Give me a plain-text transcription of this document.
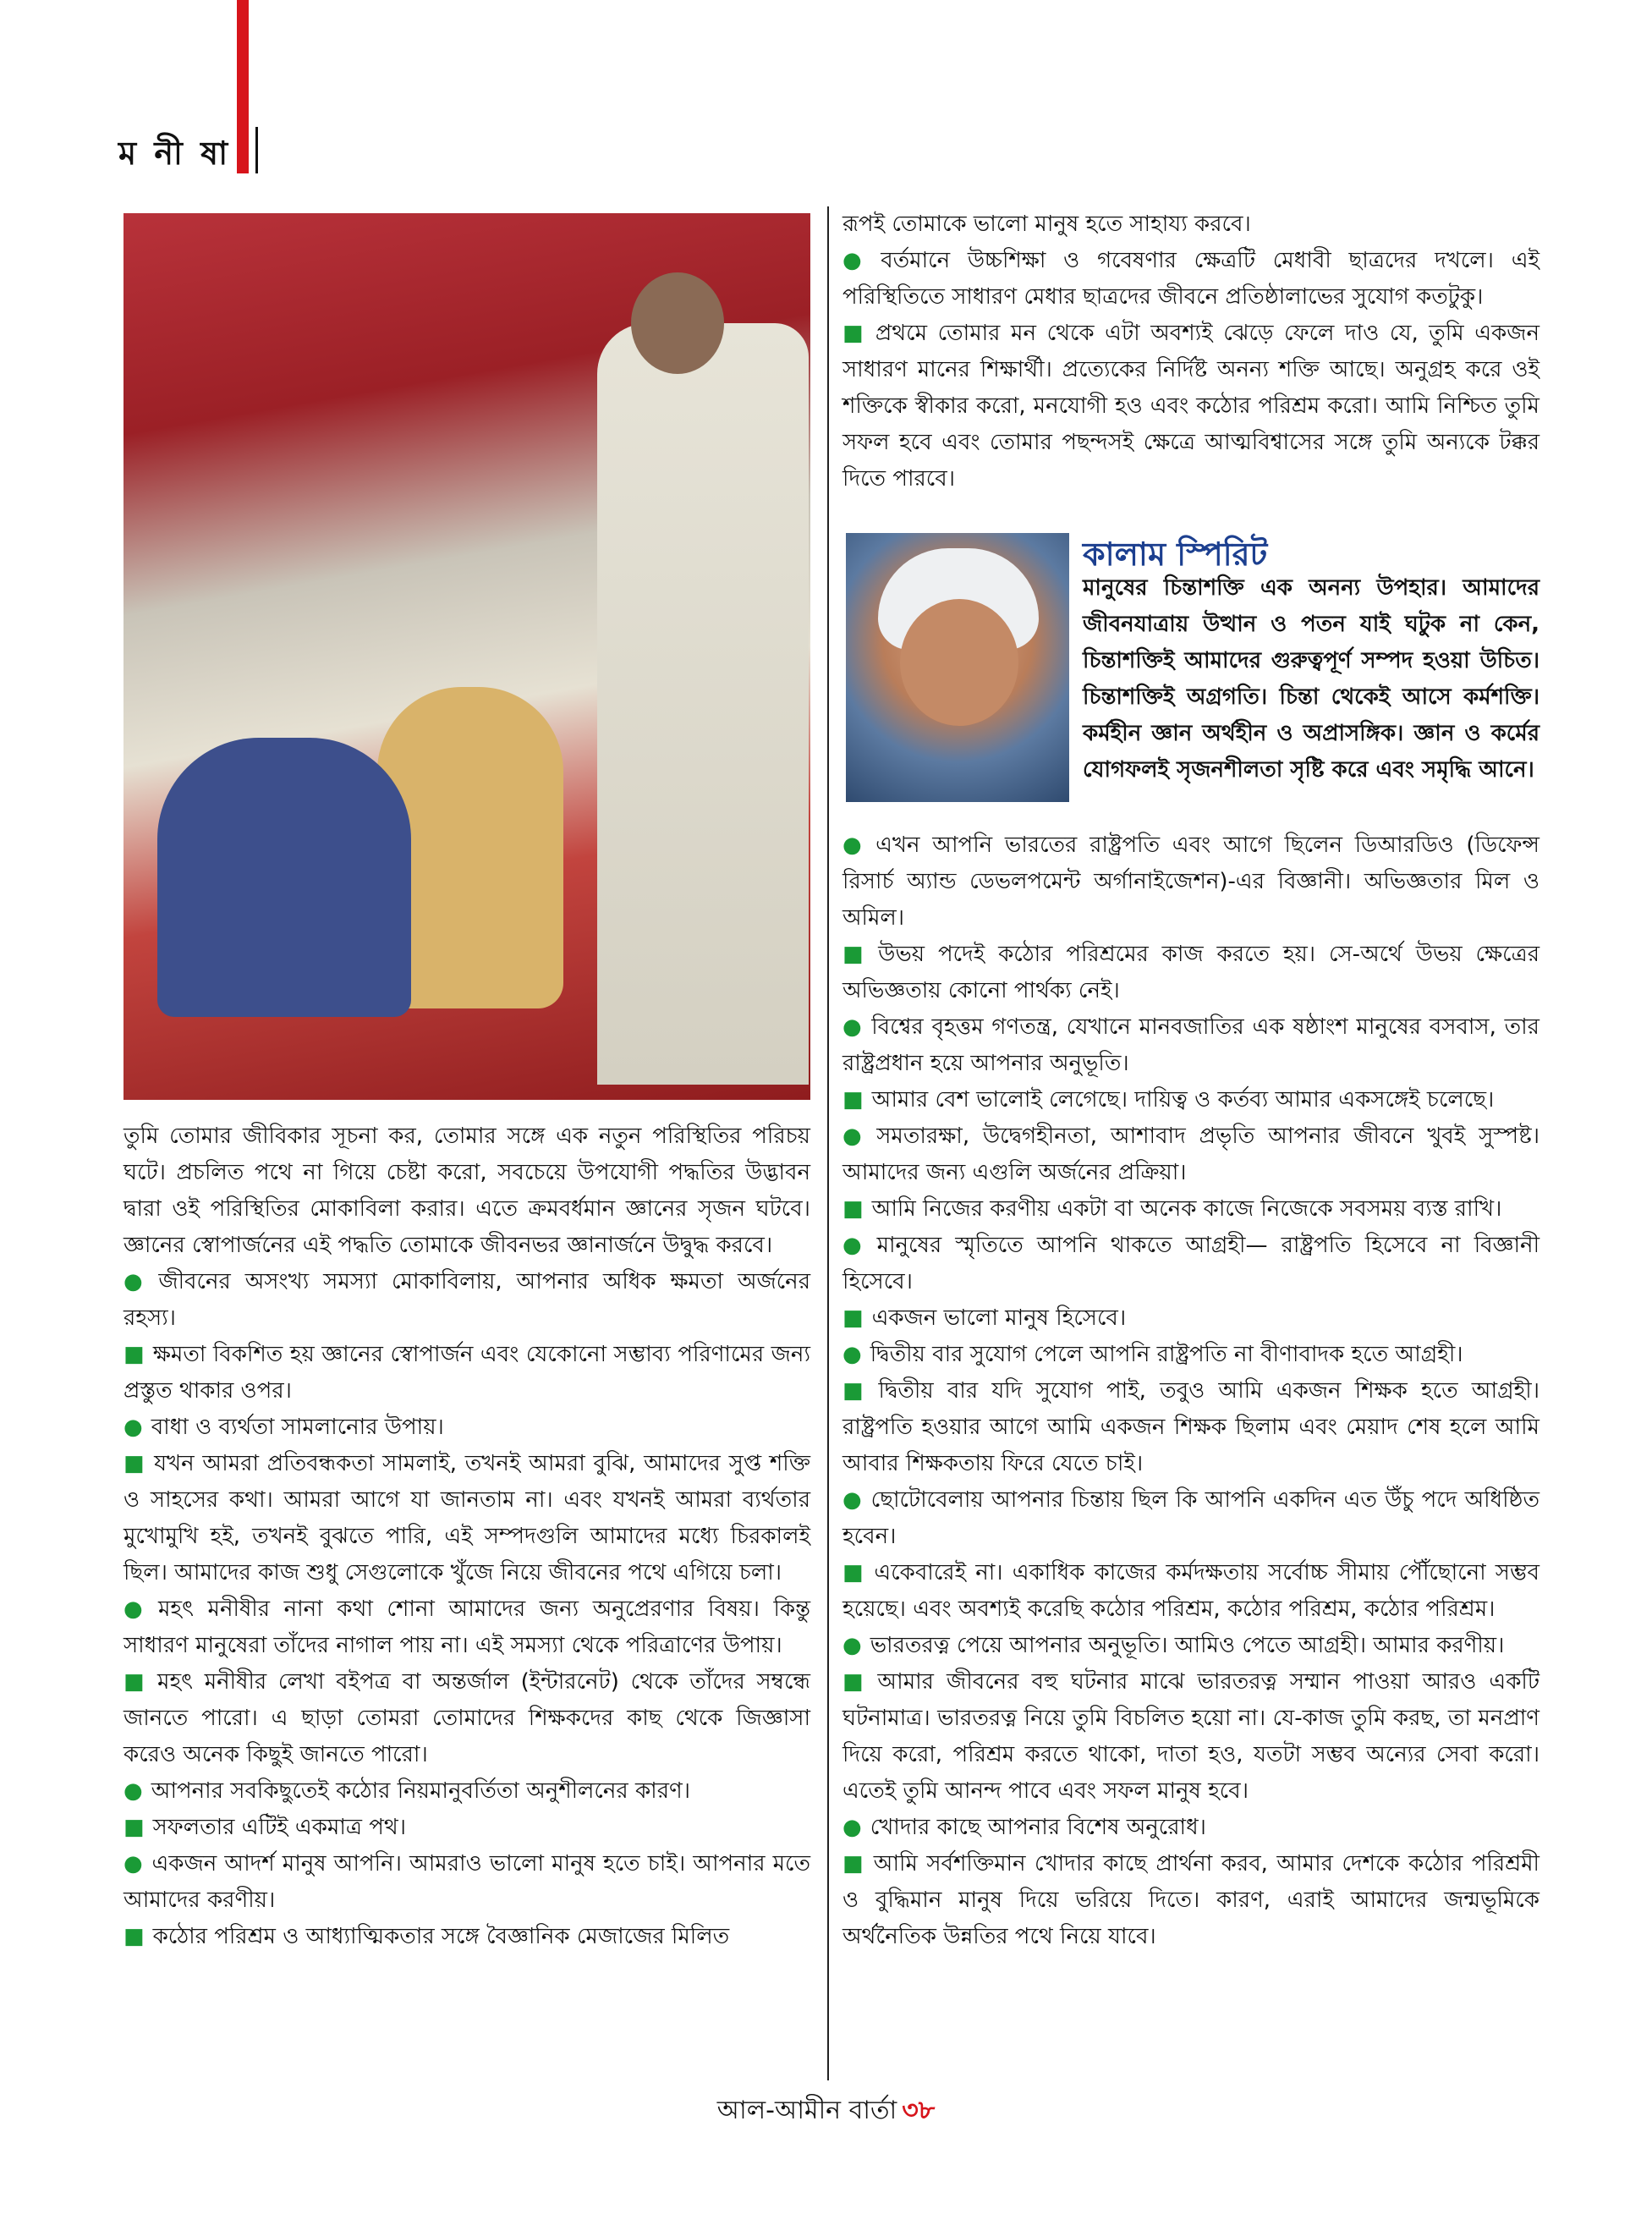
ম নী ষা

তুমি তোমার জীবিকার সূচনা কর, তোমার সঙ্গে এক নতুন পরিস্থিতির পরিচয় ঘটে। প্রচলিত পথে না গিয়ে চেষ্টা করো, সবচেয়ে উপযোগী পদ্ধতির উদ্ভাবন দ্বারা ওই পরিস্থিতির মোকাবিলা করার। এতে ক্রমবর্ধমান জ্ঞানের সৃজন ঘটবে। জ্ঞানের স্বোপার্জনের এই পদ্ধতি তোমাকে জীবনভর জ্ঞানার্জনে উদ্বুদ্ধ করবে।

● জীবনের অসংখ্য সমস্যা মোকাবিলায়, আপনার অধিক ক্ষমতা অর্জনের রহস্য।

■ ক্ষমতা বিকশিত হয় জ্ঞানের স্বোপার্জন এবং যেকোনো সম্ভাব্য পরিণামের জন্য প্রস্তুত থাকার ওপর।

● বাধা ও ব্যর্থতা সামলানোর উপায়।

■ যখন আমরা প্রতিবন্ধকতা সামলাই, তখনই আমরা বুঝি, আমাদের সুপ্ত শক্তি ও সাহসের কথা। আমরা আগে যা জানতাম না। এবং যখনই আমরা ব্যর্থতার মুখোমুখি হই, তখনই বুঝতে পারি, এই সম্পদগুলি আমাদের মধ্যে চিরকালই ছিল। আমাদের কাজ শুধু সেগুলোকে খুঁজে নিয়ে জীবনের পথে এগিয়ে চলা।

● মহৎ মনীষীর নানা কথা শোনা আমাদের জন্য অনুপ্রেরণার বিষয়। কিন্তু সাধারণ মানুষেরা তাঁদের নাগাল পায় না। এই সমস্যা থেকে পরিত্রাণের উপায়।

■ মহৎ মনীষীর লেখা বইপত্র বা অন্তর্জাল (ইন্টারনেট) থেকে তাঁদের সম্বন্ধে জানতে পারো। এ ছাড়া তোমরা তোমাদের শিক্ষকদের কাছ থেকে জিজ্ঞাসা করেও অনেক কিছুই জানতে পারো।

● আপনার সবকিছুতেই কঠোর নিয়মানুবর্তিতা অনুশীলনের কারণ।

■ সফলতার এটিই একমাত্র পথ।

● একজন আদর্শ মানুষ আপনি। আমরাও ভালো মানুষ হতে চাই। আপনার মতে আমাদের করণীয়।

■ কঠোর পরিশ্রম ও আধ্যাত্মিকতার সঙ্গে বৈজ্ঞানিক মেজাজের মিলিত

রূপই তোমাকে ভালো মানুষ হতে সাহায্য করবে।

● বর্তমানে উচ্চশিক্ষা ও গবেষণার ক্ষেত্রটি মেধাবী ছাত্রদের দখলে। এই পরিস্থিতিতে সাধারণ মেধার ছাত্রদের জীবনে প্রতিষ্ঠালাভের সুযোগ কতটুকু।

■ প্রথমে তোমার মন থেকে এটা অবশ্যই ঝেড়ে ফেলে দাও যে, তুমি একজন সাধারণ মানের শিক্ষার্থী। প্রত্যেকের নির্দিষ্ট অনন্য শক্তি আছে। অনুগ্রহ করে ওই শক্তিকে স্বীকার করো, মনযোগী হও এবং কঠোর পরিশ্রম করো। আমি নিশ্চিত তুমি সফল হবে এবং তোমার পছন্দসই ক্ষেত্রে আত্মবিশ্বাসের সঙ্গে তুমি অন্যকে টক্কর দিতে পারবে।

কালাম স্পিরিট
মানুষের চিন্তাশক্তি এক অনন্য উপহার। আমাদের জীবনযাত্রায় উত্থান ও পতন যাই ঘটুক না কেন, চিন্তাশক্তিই আমাদের গুরুত্বপূর্ণ সম্পদ হওয়া উচিত। চিন্তাশক্তিই অগ্রগতি। চিন্তা থেকেই আসে কর্মশক্তি। কর্মহীন জ্ঞান অর্থহীন ও অপ্রাসঙ্গিক। জ্ঞান ও কর্মের যোগফলই সৃজনশীলতা সৃষ্টি করে এবং সমৃদ্ধি আনে।

● এখন আপনি ভারতের রাষ্ট্রপতি এবং আগে ছিলেন ডিআরডিও (ডিফেন্স রিসার্চ অ্যান্ড ডেভলপমেন্ট অর্গানাইজেশন)-এর বিজ্ঞানী। অভিজ্ঞতার মিল ও অমিল।

■ উভয় পদেই কঠোর পরিশ্রমের কাজ করতে হয়। সে-অর্থে উভয় ক্ষেত্রের অভিজ্ঞতায় কোনো পার্থক্য নেই।

● বিশ্বের বৃহত্তম গণতন্ত্র, যেখানে মানবজাতির এক ষষ্ঠাংশ মানুষের বসবাস, তার রাষ্ট্রপ্রধান হয়ে আপনার অনুভূতি।

■ আমার বেশ ভালোই লেগেছে। দায়িত্ব ও কর্তব্য আমার একসঙ্গেই চলেছে।

● সমতারক্ষা, উদ্বেগহীনতা, আশাবাদ প্রভৃতি আপনার জীবনে খুবই সুস্পষ্ট। আমাদের জন্য এগুলি অর্জনের প্রক্রিয়া।

■ আমি নিজের করণীয় একটা বা অনেক কাজে নিজেকে সবসময় ব্যস্ত রাখি।

● মানুষের স্মৃতিতে আপনি থাকতে আগ্রহী— রাষ্ট্রপতি হিসেবে না বিজ্ঞানী হিসেবে।

■ একজন ভালো মানুষ হিসেবে।

● দ্বিতীয় বার সুযোগ পেলে আপনি রাষ্ট্রপতি না বীণাবাদক হতে আগ্রহী।

■ দ্বিতীয় বার যদি সুযোগ পাই, তবুও আমি একজন শিক্ষক হতে আগ্রহী। রাষ্ট্রপতি হওয়ার আগে আমি একজন শিক্ষক ছিলাম এবং মেয়াদ শেষ হলে আমি আবার শিক্ষকতায় ফিরে যেতে চাই।

● ছোটোবেলায় আপনার চিন্তায় ছিল কি আপনি একদিন এত উঁচু পদে অধিষ্ঠিত হবেন।

■ একেবারেই না। একাধিক কাজের কর্মদক্ষতায় সর্বোচ্চ সীমায় পৌঁছোনো সম্ভব হয়েছে। এবং অবশ্যই করেছি কঠোর পরিশ্রম, কঠোর পরিশ্রম, কঠোর পরিশ্রম।

● ভারতরত্ন পেয়ে আপনার অনুভূতি। আমিও পেতে আগ্রহী। আমার করণীয়।

■ আমার জীবনের বহু ঘটনার মাঝে ভারতরত্ন সম্মান পাওয়া আরও একটি ঘটনামাত্র। ভারতরত্ন নিয়ে তুমি বিচলিত হয়ো না। যে-কাজ তুমি করছ, তা মনপ্রাণ দিয়ে করো, পরিশ্রম করতে থাকো, দাতা হও, যতটা সম্ভব অন্যের সেবা করো। এতেই তুমি আনন্দ পাবে এবং সফল মানুষ হবে।

● খোদার কাছে আপনার বিশেষ অনুরোধ।

■ আমি সর্বশক্তিমান খোদার কাছে প্রার্থনা করব, আমার দেশকে কঠোর পরিশ্রমী ও বুদ্ধিমান মানুষ দিয়ে ভরিয়ে দিতে। কারণ, এরাই আমাদের জন্মভূমিকে অর্থনৈতিক উন্নতির পথে নিয়ে যাবে।

আল-আমীন বার্তা ৩৮
